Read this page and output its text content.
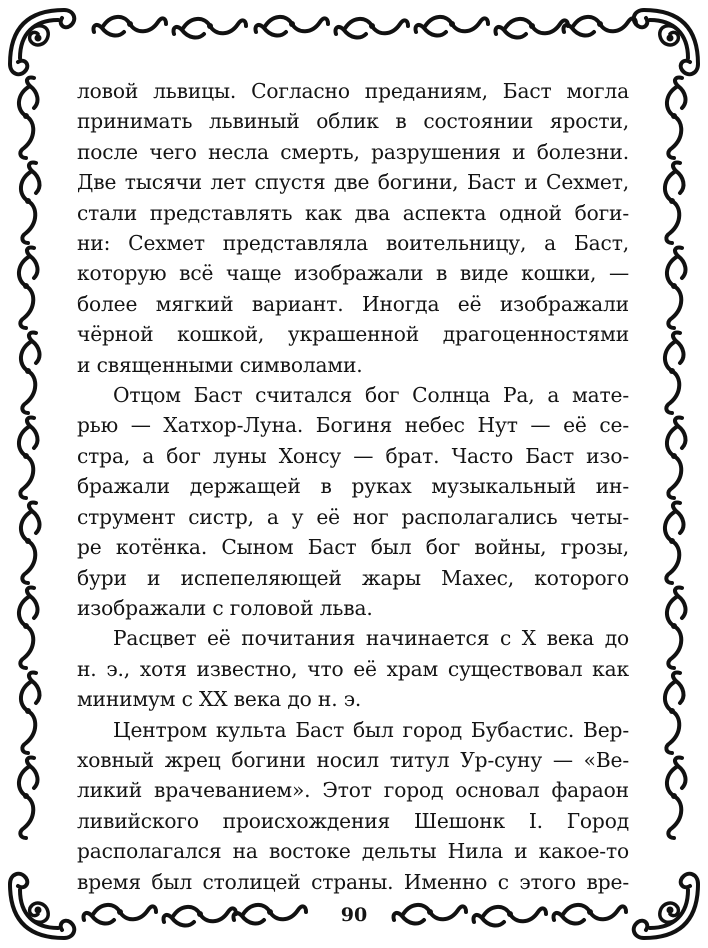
ловой львицы. Согласно преданиям, Баст могла
принимать львиный облик в состоянии ярости,
после чего несла смерть, разрушения и болезни.
Две тысячи лет спустя две богини, Баст и Сехмет,
стали представлять как два аспекта одной боги-
ни: Сехмет представляла воительницу, а Баст,
которую всё чаще изображали в виде кошки, —
более мягкий вариант. Иногда её изображали
чёрной кошкой, украшенной драгоценностями
и священными символами.

Отцом Баст считался бог Солнца Ра, а мате-
рью — Хатхор-Луна. Богиня небес Нут — её се-
стра, а бог луны Хонсу — брат. Часто Баст изо-
бражали держащей в руках музыкальный ин-
струмент систр, а у её ног располагались четы-
ре котёнка. Сыном Баст был бог войны, грозы,
бури и испепеляющей жары Махес, которого
изображали с головой льва.

Расцвет её почитания начинается с X века до
н. э., хотя известно, что её храм существовал как
минимум с XX века до н. э.

Центром культа Баст был город Бубастис. Вер-
ховный жрец богини носил титул Ур-суну — «Ве-
ликий врачеванием». Этот город основал фараон
ливийского происхождения Шешонк I. Город
располагался на востоке дельты Нила и какое-то
время был столицей страны. Именно с этого вре-

90
